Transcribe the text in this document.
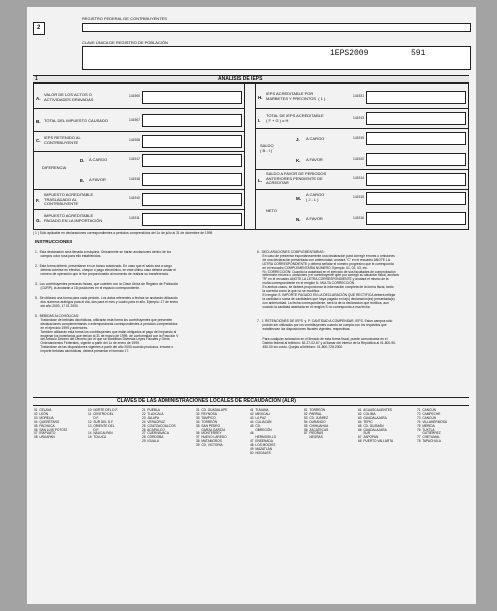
REGISTRO FEDERAL DE CONTRIBUYENTES
2
CLAVE ÚNICA DE REGISTRO DE POBLACIÓN
1EPS2009	591
1	ANÁLISIS DE IEPS
A.
VALOR DE LOS ACTOS O
ACTIVIDADES GRAVADAS
141900
B. TOTAL DEL IMPUESTO CAUSADO	141907
C.
IEPS RETENIDO AL
CONTRIBUYENTE	141908
DIFERENCIA
D. A CARGO	141917
E. A FAVOR	141918
F.
IMPUESTO ACREDITABLE
TRASLADADO AL
CONTRIBUYENTE
141910
G.
IMPUESTO ACREDITABLE
PAGADO EN LA IMPORTACIÓN	141911
H.
IEPS ACREDITABLE POR
MARBETES Y PRECINTOS  ( 1 )	141921
I.
TOTAL DE IEPS ACREDITABLE
( F + G ) o H	141913
SALDO
( B - I )
J. A CARGO	141919
K. A FAVOR	141920
L.
SALDO A FAVOR DE PERIODOS
ANTERIORES PENDIENTE DE
ACREDITAR
141914
NETO
M.
A CARGO
( J - L )	141915
N. A FAVOR	141916
( 1 ) Sólo aplicable en declaraciones correspondientes a periodos comprendidos del 1o de julio al 31 de diciembre de 1999.
INSTRUCCIONES
1.  Esta declaración será llenada a máquina. Únicamente se harán anotaciones dentro de los
campos color rosa para ello establecidos.
2.  Esta forma deberá  presentarse en un banco autorizado. En caso que el saldo sea a cargo
deberá cubrirse en efectivo, cheque o pago electrónico, en este último caso deberá anotar el
número de operación que le fue proporcionado al momento de realizar su transferencia.
3.  Los contribuyentes personas físicas, que cuenten con la Clave Única de Registro de Población
(CURP), la anotarán a 18 posiciones en el espacio correspondiente.
5.  Se utilizará una forma para cada periodo. Los datos referentes a fechas se anotarán utilizando
dos números arábigos para el día, dos para el mes y cuatro para el año. Ejemplo: 17 de enero
del año 2000, 17 01 2000.
5.  BEBIDAS ALCOHÓLICAS:
Tratándose de bebidas alcohólicas, utilizarán esta forma los contribuyentes que presenten
declaraciones complementarias o extemporáneas correspondientes a periodos comprendidos
en el ejercicio 1999 y anteriores.
También utilizarán esta forma los contribuyentes que están obligados al pago del impuesto al
enajenar los inventarios que tenían al 31 de marzo de 1999, de conformidad con la Fracción V
del Artículo Décimo del Decreto por el que se Modifican Diversas Leyes Fiscales y Otros
Ordenamientos Federales, vigente a partir del 1o de enero de 1999.
Tratándose de las disposiciones vigentes a partir del año 2000 cuando produzca, envase o
importe bebidas alcohólicas, deberá presentar el formato 17.
6.  DECLARACIONES COMPLEMENTARIAS:
En caso de presentar espontáneamente una declaración para corregir errores u omisiones
de una declaración presentada con anterioridad, anotará "C" en el recuadro ANOTE LA
LETRA CORRESPONDIENTE y deberá señalar el número progresivo que le corresponda
en el recuadro COMPLEMENTARIA NÚMERO. Ejemplo: 01, 02, 03, etc.
R= CORRECCIÓN: Cuando la autoridad en el ejercicio de sus facultades de comprobación
determine errores u omisiones y el contribuyente opte por corregir su situación fiscal, anotará
"R" en el recuadro ANOTE LA LETRA CORRESPONDIENTE y anotará el mismo de la
multa correspondiente en el renglón N. MULTA CORRECCIÓN.
En ambos casos, se deberá proporcionar la información completa de la forma fiscal, tanto
la correcta como la que no se modifica.
El renglón S. IMPORTE PAGADO EN LA DECLARACIÓN QUE RECTIFICA deberá reflejar
la cantidad o suma de cantidades que haya pagado en la(s) declaración(es) presentada(s)
con anterioridad. La fecha correspondiente, será la de la declaración que rectifica, aun
cuando la cantidad asentada en el renglón S no corresponda a esa fecha.
7.  J. RETENCIONES DE IEPS  y  P. CANTIDAD A COMPENSAR, IEPS. Estos campos sólo
podrán ser utilizados por los contribuyentes cuando se cumpla con los requisitos que
establezcan las disposiciones fiscales vigentes, respectivas.
Para cualquier aclaración en el llenado de esta forma fiscal, puede comunicarse en el
Distrito federal al teléfono: 52-27-02-67 y al llamar del interior de la República al 01-800-90-
450-00 sin costo. Quejas al teléfono: 01-800-728-2000.
CLAVES DE LAS ADMINISTRACIONES LOCALES DE RECAUDACIÓN (ALR)
01  CELAYA
02  LEÓN
03  MORELIA
04  QUERÉTARO
05  PACHUCA
06  SAN LUIS POTOSÍ
07  IRAPUATO
08  URUAPAN
10  NORTE DEL D.F.
11  CENTRO DEL
D.F.
12  SUR DEL D.F.
13  ORIENTE DEL
D.F.
14  NAUCALPAN
15  TOLUCA
21  PUEBLA
22  TLAXCALA
23  JALAPA
24  VERACRUZ
25  COATZACOALCOS
26  ACAPULCO
27  CUERNAVACA
28  CÓRDOBA
29  IGUALA
31  CD. GUADALUPE
32  REYNOSA
33  TAMPICO
34  TORREÓN
35  SAN PEDRO
GARZA GARCÍA
36  MONTERREY
37  NUEVO LAREDO
38  MATAMOROS
39  CD. VICTORIA
41  TIJUANA
42  MEXICALI
43  LA PAZ
44  CULIACÁN
45  CD.
OBREGÓN
46
HERMOSILLO
47  ENSENADA
48  LOS MOCHIS
49  MAZATLÁN
50  NOGALES
51  TORREÓN
52  PARRAL
53  CD. JUÁREZ
54  DURANGO
55  CHIHUAHUA
56  ZACATECAS
57  PIEDRAS
NEGRAS
61  AGUASCALIENTES
62  COLIMA
63  GUADALAJARA
64  TEPIC
65  CD. GUZMÁN
66  GUADALAJARA
SUR
67  ZAPOPAN
68  PUERTO VALLARTA
71  CANCÚN
72  CAMPECHE
73  CANCÚN
74  VILLAHERMOSA
75  MÉRIDA
76  TUXTLA
GUTIÉRREZ
77  CHETUMAL
78  TAPACHULA
